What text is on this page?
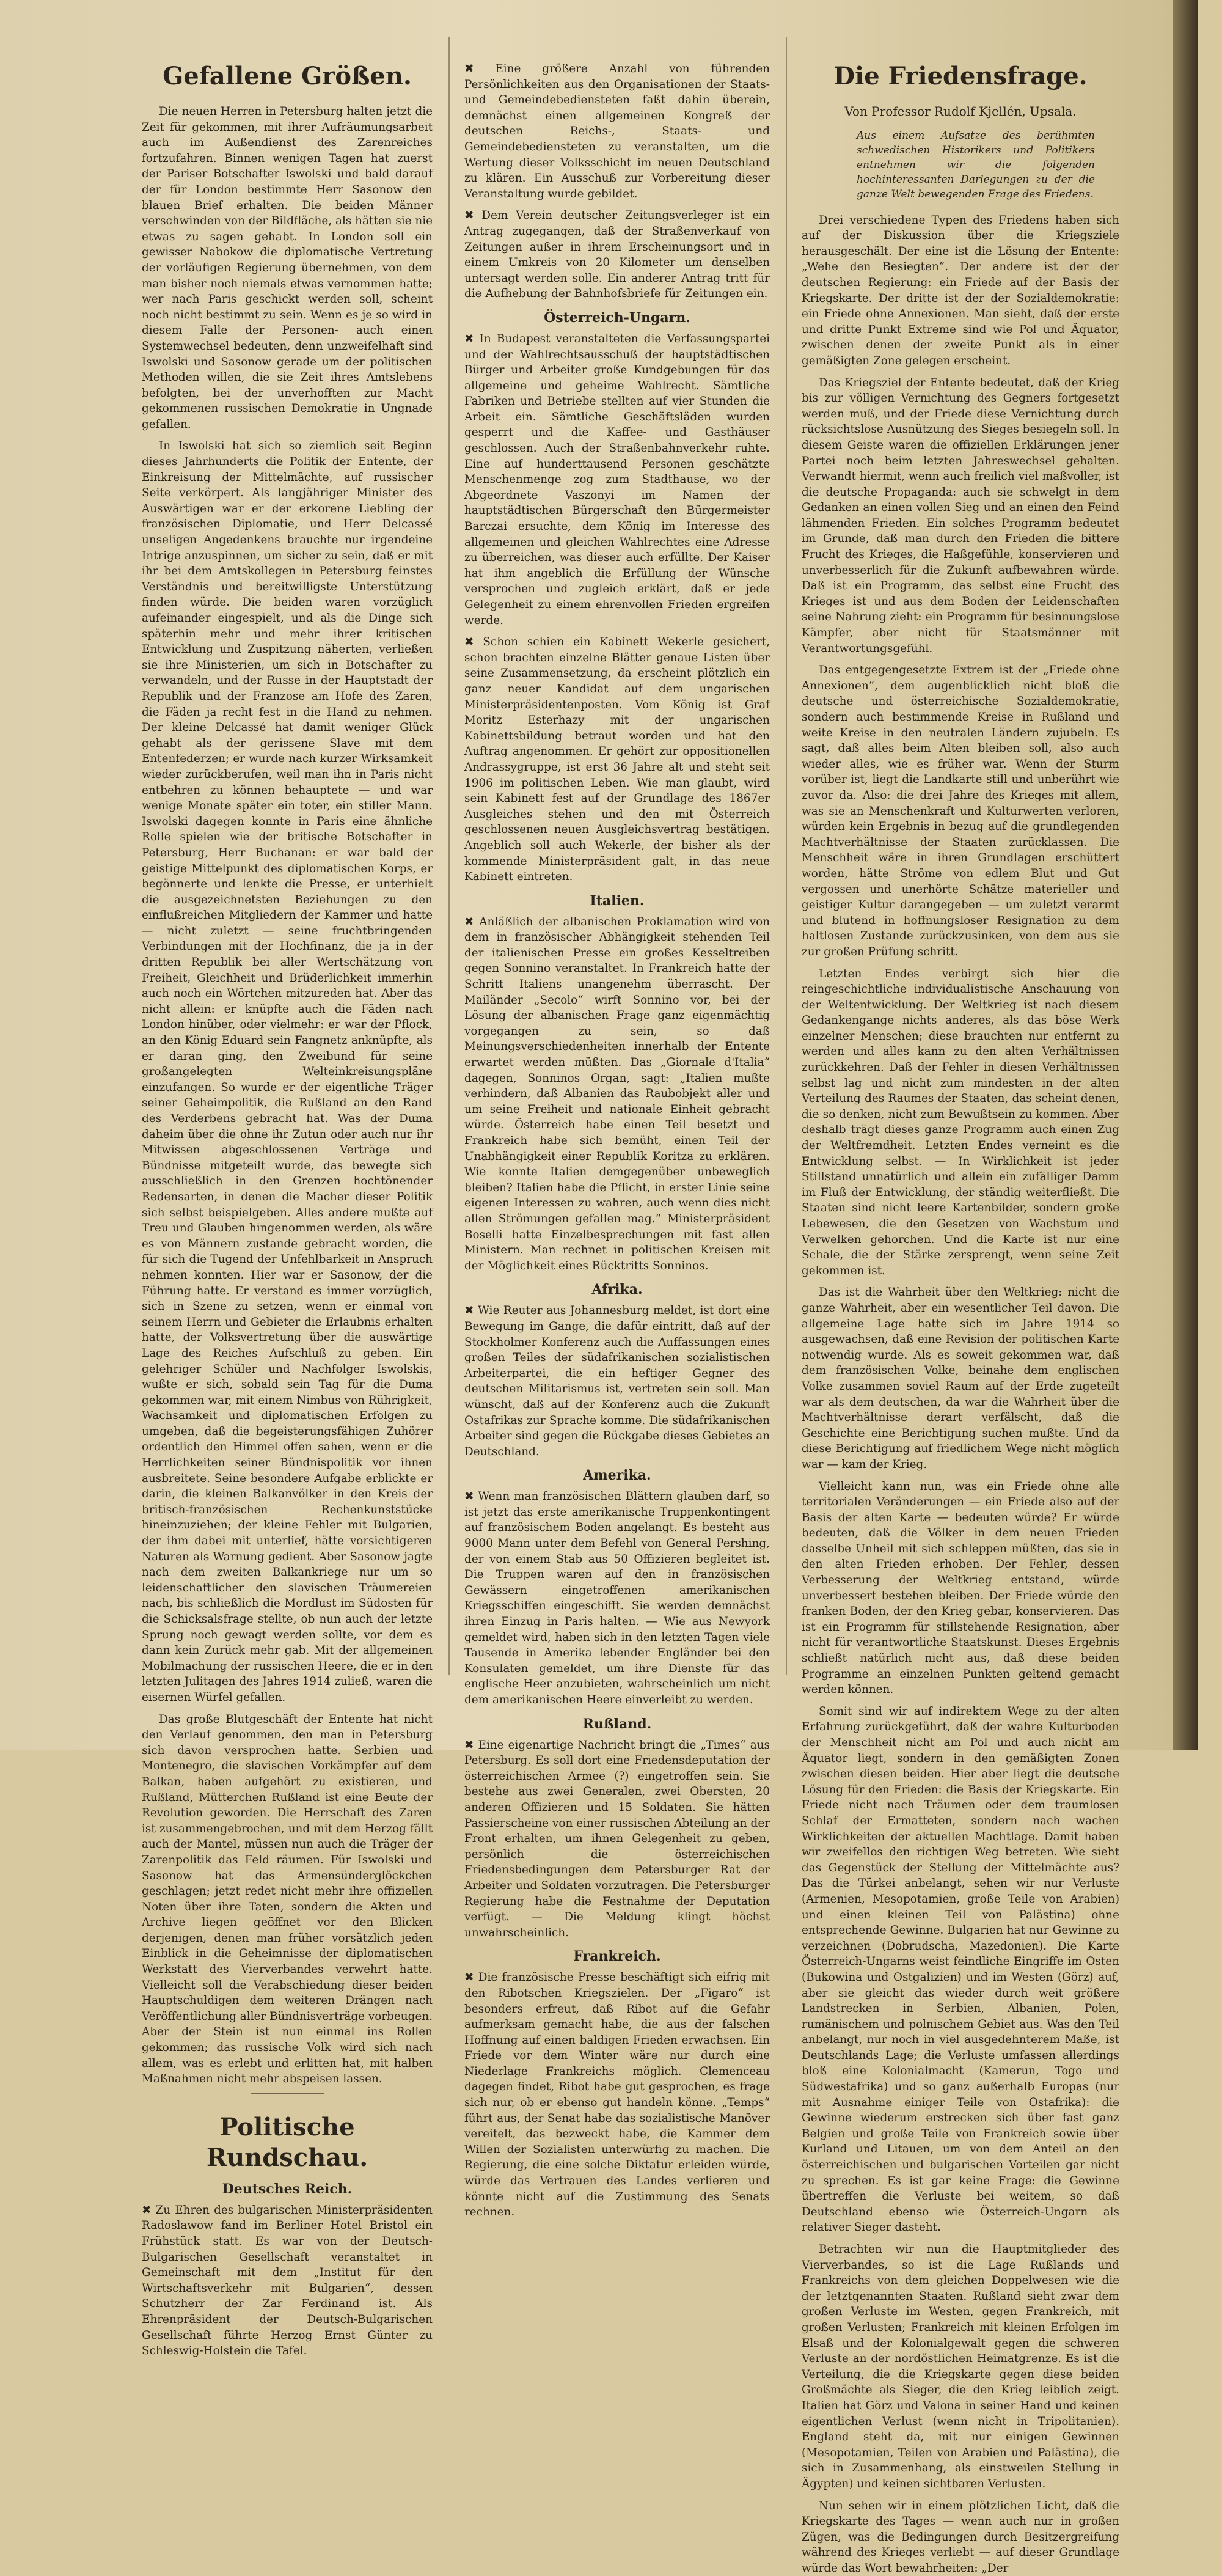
Gefallene Größen.

Die neuen Herren in Petersburg halten jetzt die Zeit für gekommen, mit ihrer Aufräumungsarbeit auch im Außendienst des Zarenreiches fortzufahren. Binnen wenigen Tagen hat zuerst der Pariser Botschafter Iswolski und bald darauf der für London bestimmte Herr Sasonow den blauen Brief erhalten. Die beiden Männer verschwinden von der Bildfläche, als hätten sie nie etwas zu sagen gehabt. In London soll ein gewisser Nabokow die diplomatische Vertretung der vorläufigen Regierung übernehmen, von dem man bisher noch niemals etwas vernommen hatte; wer nach Paris geschickt werden soll, scheint noch nicht bestimmt zu sein. Wenn es je so wird in diesem Falle der Personen- auch einen Systemwechsel bedeuten, denn unzweifelhaft sind Iswolski und Sasonow gerade um der politischen Methoden willen, die sie Zeit ihres Amtslebens befolgten, bei der unverhofften zur Macht gekommenen russischen Demokratie in Ungnade gefallen.

In Iswolski hat sich so ziemlich seit Beginn dieses Jahrhunderts die Politik der Entente, der Einkreisung der Mittelmächte, auf russischer Seite verkörpert. Als langjähriger Minister des Auswärtigen war er der erkorene Liebling der französischen Diplomatie, und Herr Delcassé unseligen Angedenkens brauchte nur irgendeine Intrige anzuspinnen, um sicher zu sein, daß er mit ihr bei dem Amtskollegen in Petersburg feinstes Verständnis und bereitwilligste Unterstützung finden würde. Die beiden waren vorzüglich aufeinander eingespielt, und als die Dinge sich späterhin mehr und mehr ihrer kritischen Entwicklung und Zuspitzung näherten, verließen sie ihre Ministerien, um sich in Botschafter zu verwandeln, und der Russe in der Hauptstadt der Republik und der Franzose am Hofe des Zaren, die Fäden ja recht fest in die Hand zu nehmen. Der kleine Delcassé hat damit weniger Glück gehabt als der gerissene Slave mit dem Entenfederzen; er wurde nach kurzer Wirksamkeit wieder zurückberufen, weil man ihn in Paris nicht entbehren zu können behauptete — und war wenige Monate später ein toter, ein stiller Mann. Iswolski dagegen konnte in Paris eine ähnliche Rolle spielen wie der britische Botschafter in Petersburg, Herr Buchanan: er war bald der geistige Mittelpunkt des diplomatischen Korps, er begönnerte und lenkte die Presse, er unterhielt die ausgezeichnetsten Beziehungen zu den einflußreichen Mitgliedern der Kammer und hatte — nicht zuletzt — seine fruchtbringenden Verbindungen mit der Hochfinanz, die ja in der dritten Republik bei aller Wertschätzung von Freiheit, Gleichheit und Brüderlichkeit immerhin auch noch ein Wörtchen mitzureden hat. Aber das nicht allein: er knüpfte auch die Fäden nach London hinüber, oder vielmehr: er war der Pflock, an den König Eduard sein Fangnetz anknüpfte, als er daran ging, den Zweibund für seine großangelegten Welteinkreisungspläne einzufangen. So wurde er der eigentliche Träger seiner Geheimpolitik, die Rußland an den Rand des Verderbens gebracht hat. Was der Duma daheim über die ohne ihr Zutun oder auch nur ihr Mitwissen abgeschlossenen Verträge und Bündnisse mitgeteilt wurde, das bewegte sich ausschließlich in den Grenzen hochtönender Redensarten, in denen die Macher dieser Politik sich selbst beispielgeben. Alles andere mußte auf Treu und Glauben hingenommen werden, als wäre es von Männern zustande gebracht worden, die für sich die Tugend der Unfehlbarkeit in Anspruch nehmen konnten. Hier war er Sasonow, der die Führung hatte. Er verstand es immer vorzüglich, sich in Szene zu setzen, wenn er einmal von seinem Herrn und Gebieter die Erlaubnis erhalten hatte, der Volksvertretung über die auswärtige Lage des Reiches Aufschluß zu geben. Ein gelehriger Schüler und Nachfolger Iswolskis, wußte er sich, sobald sein Tag für die Duma gekommen war, mit einem Nimbus von Rührigkeit, Wachsamkeit und diplomatischen Erfolgen zu umgeben, daß die begeisterungsfähigen Zuhörer ordentlich den Himmel offen sahen, wenn er die Herrlichkeiten seiner Bündnispolitik vor ihnen ausbreitete. Seine besondere Aufgabe erblickte er darin, die kleinen Balkanvölker in den Kreis der britisch-französischen Rechenkunststücke hineinzuziehen; der kleine Fehler mit Bulgarien, der ihm dabei mit unterlief, hätte vorsichtigeren Naturen als Warnung gedient. Aber Sasonow jagte nach dem zweiten Balkankriege nur um so leidenschaftlicher den slavischen Träumereien nach, bis schließlich die Mordlust im Südosten für die Schicksalsfrage stellte, ob nun auch der letzte Sprung noch gewagt werden sollte, vor dem es dann kein Zurück mehr gab. Mit der allgemeinen Mobilmachung der russischen Heere, die er in den letzten Julitagen des Jahres 1914 zuließ, waren die eisernen Würfel gefallen.

Das große Blutgeschäft der Entente hat nicht den Verlauf genommen, den man in Petersburg sich davon versprochen hatte. Serbien und Montenegro, die slavischen Vorkämpfer auf dem Balkan, haben aufgehört zu existieren, und Rußland, Mütterchen Rußland ist eine Beute der Revolution geworden. Die Herrschaft des Zaren ist zusammengebrochen, und mit dem Herzog fällt auch der Mantel, müssen nun auch die Träger der Zarenpolitik das Feld räumen. Für Iswolski und Sasonow hat das Armensünderglöckchen geschlagen; jetzt redet nicht mehr ihre offiziellen Noten über ihre Taten, sondern die Akten und Archive liegen geöffnet vor den Blicken derjenigen, denen man früher vorsätzlich jeden Einblick in die Geheimnisse der diplomatischen Werkstatt des Vierverbandes verwehrt hatte. Vielleicht soll die Verabschiedung dieser beiden Hauptschuldigen dem weiteren Drängen nach Veröffentlichung aller Bündnisverträge vorbeugen. Aber der Stein ist nun einmal ins Rollen gekommen; das russische Volk wird sich nach allem, was es erlebt und erlitten hat, mit halben Maßnahmen nicht mehr abspeisen lassen.

Politische Rundschau.
Deutsches Reich.

✖ Zu Ehren des bulgarischen Ministerpräsidenten Radoslawow fand im Berliner Hotel Bristol ein Frühstück statt. Es war von der Deutsch-Bulgarischen Gesellschaft veranstaltet in Gemeinschaft mit dem „Institut für den Wirtschaftsverkehr mit Bulgarien“, dessen Schutzherr der Zar Ferdinand ist. Als Ehrenpräsident der Deutsch-Bulgarischen Gesellschaft führte Herzog Ernst Günter zu Schleswig-Holstein die Tafel.

✖ Eine größere Anzahl von führenden Persönlichkeiten aus den Organisationen der Staats- und Gemeindebediensteten faßt dahin überein, demnächst einen allgemeinen Kongreß der deutschen Reichs-, Staats- und Gemeindebediensteten zu veranstalten, um die Wertung dieser Volksschicht im neuen Deutschland zu klären. Ein Ausschuß zur Vorbereitung dieser Veranstaltung wurde gebildet.

✖ Dem Verein deutscher Zeitungsverleger ist ein Antrag zugegangen, daß der Straßenverkauf von Zeitungen außer in ihrem Erscheinungsort und in einem Umkreis von 20 Kilometer um denselben untersagt werden solle. Ein anderer Antrag tritt für die Aufhebung der Bahnhofsbriefe für Zeitungen ein.

Österreich-Ungarn.

✖ In Budapest veranstalteten die Verfassungspartei und der Wahlrechtsausschuß der hauptstädtischen Bürger und Arbeiter große Kundgebungen für das allgemeine und geheime Wahlrecht. Sämtliche Fabriken und Betriebe stellten auf vier Stunden die Arbeit ein. Sämtliche Geschäftsläden wurden gesperrt und die Kaffee- und Gasthäuser geschlossen. Auch der Straßenbahnverkehr ruhte. Eine auf hunderttausend Personen geschätzte Menschenmenge zog zum Stadthause, wo der Abgeordnete Vaszonyi im Namen der hauptstädtischen Bürgerschaft den Bürgermeister Barczai ersuchte, dem König im Interesse des allgemeinen und gleichen Wahlrechtes eine Adresse zu überreichen, was dieser auch erfüllte. Der Kaiser hat ihm angeblich die Erfüllung der Wünsche versprochen und zugleich erklärt, daß er jede Gelegenheit zu einem ehrenvollen Frieden ergreifen werde.

✖ Schon schien ein Kabinett Wekerle gesichert, schon brachten einzelne Blätter genaue Listen über seine Zusammensetzung, da erscheint plötzlich ein ganz neuer Kandidat auf dem ungarischen Ministerpräsidentenposten. Vom König ist Graf Moritz Esterhazy mit der ungarischen Kabinettsbildung betraut worden und hat den Auftrag angenommen. Er gehört zur oppositionellen Andrassygruppe, ist erst 36 Jahre alt und steht seit 1906 im politischen Leben. Wie man glaubt, wird sein Kabinett fest auf der Grundlage des 1867er Ausgleiches stehen und den mit Österreich geschlossenen neuen Ausgleichsvertrag bestätigen. Angeblich soll auch Wekerle, der bisher als der kommende Ministerpräsident galt, in das neue Kabinett eintreten.

Italien.

✖ Anläßlich der albanischen Proklamation wird von dem in französischer Abhängigkeit stehenden Teil der italienischen Presse ein großes Kesseltreiben gegen Sonnino veranstaltet. In Frankreich hatte der Schritt Italiens unangenehm überrascht. Der Mailänder „Secolo“ wirft Sonnino vor, bei der Lösung der albanischen Frage ganz eigenmächtig vorgegangen zu sein, so daß Meinungsverschiedenheiten innerhalb der Entente erwartet werden müßten. Das „Giornale d'Italia“ dagegen, Sonninos Organ, sagt: „Italien mußte verhindern, daß Albanien das Raubobjekt aller und um seine Freiheit und nationale Einheit gebracht würde. Österreich habe einen Teil besetzt und Frankreich habe sich bemüht, einen Teil der Unabhängigkeit einer Republik Koritza zu erklären. Wie konnte Italien demgegenüber unbeweglich bleiben? Italien habe die Pflicht, in erster Linie seine eigenen Interessen zu wahren, auch wenn dies nicht allen Strömungen gefallen mag.“ Ministerpräsident Boselli hatte Einzelbesprechungen mit fast allen Ministern. Man rechnet in politischen Kreisen mit der Möglichkeit eines Rücktritts Sonninos.

Afrika.

✖ Wie Reuter aus Johannesburg meldet, ist dort eine Bewegung im Gange, die dafür eintritt, daß auf der Stockholmer Konferenz auch die Auffassungen eines großen Teiles der südafrikanischen sozialistischen Arbeiterpartei, die ein heftiger Gegner des deutschen Militarismus ist, vertreten sein soll. Man wünscht, daß auf der Konferenz auch die Zukunft Ostafrikas zur Sprache komme. Die südafrikanischen Arbeiter sind gegen die Rückgabe dieses Gebietes an Deutschland.

Amerika.

✖ Wenn man französischen Blättern glauben darf, so ist jetzt das erste amerikanische Truppenkontingent auf französischem Boden angelangt. Es besteht aus 9000 Mann unter dem Befehl von General Pershing, der von einem Stab aus 50 Offizieren begleitet ist. Die Truppen waren auf den in französischen Gewässern eingetroffenen amerikanischen Kriegsschiffen eingeschifft. Sie werden demnächst ihren Einzug in Paris halten. — Wie aus Newyork gemeldet wird, haben sich in den letzten Tagen viele Tausende in Amerika lebender Engländer bei den Konsulaten gemeldet, um ihre Dienste für das englische Heer anzubieten, wahrscheinlich um nicht dem amerikanischen Heere einverleibt zu werden.

Rußland.

✖ Eine eigenartige Nachricht bringt die „Times“ aus Petersburg. Es soll dort eine Friedensdeputation der österreichischen Armee (?) eingetroffen sein. Sie bestehe aus zwei Generalen, zwei Obersten, 20 anderen Offizieren und 15 Soldaten. Sie hätten Passierscheine von einer russischen Abteilung an der Front erhalten, um ihnen Gelegenheit zu geben, persönlich die österreichischen Friedensbedingungen dem Petersburger Rat der Arbeiter und Soldaten vorzutragen. Die Petersburger Regierung habe die Festnahme der Deputation verfügt. — Die Meldung klingt höchst unwahrscheinlich.

Frankreich.

✖ Die französische Presse beschäftigt sich eifrig mit den Ribotschen Kriegszielen. Der „Figaro“ ist besonders erfreut, daß Ribot auf die Gefahr aufmerksam gemacht habe, die aus der falschen Hoffnung auf einen baldigen Frieden erwachsen. Ein Friede vor dem Winter wäre nur durch eine Niederlage Frankreichs möglich. Clemenceau dagegen findet, Ribot habe gut gesprochen, es frage sich nur, ob er ebenso gut handeln könne. „Temps“ führt aus, der Senat habe das sozialistische Manöver vereitelt, das bezweckt habe, die Kammer dem Willen der Sozialisten unterwürfig zu machen. Die Regierung, die eine solche Diktatur erleiden würde, würde das Vertrauen des Landes verlieren und könnte nicht auf die Zustimmung des Senats rechnen.

Die Friedensfrage.
Von Professor Rudolf Kjellén, Upsala.
Aus einem Aufsatze des berühmten schwedischen Historikers und Politikers entnehmen wir die folgenden hochinteressanten Darlegungen zu der die ganze Welt bewegenden Frage des Friedens.

Drei verschiedene Typen des Friedens haben sich auf der Diskussion über die Kriegsziele herausgeschält. Der eine ist die Lösung der Entente: „Wehe den Besiegten“. Der andere ist der der deutschen Regierung: ein Friede auf der Basis der Kriegskarte. Der dritte ist der der Sozialdemokratie: ein Friede ohne Annexionen. Man sieht, daß der erste und dritte Punkt Extreme sind wie Pol und Äquator, zwischen denen der zweite Punkt als in einer gemäßigten Zone gelegen erscheint.

Das Kriegsziel der Entente bedeutet, daß der Krieg bis zur völligen Vernichtung des Gegners fortgesetzt werden muß, und der Friede diese Vernichtung durch rücksichtslose Ausnützung des Sieges besiegeln soll. In diesem Geiste waren die offiziellen Erklärungen jener Partei noch beim letzten Jahreswechsel gehalten. Verwandt hiermit, wenn auch freilich viel maßvoller, ist die deutsche Propaganda: auch sie schwelgt in dem Gedanken an einen vollen Sieg und an einen den Feind lähmenden Frieden. Ein solches Programm bedeutet im Grunde, daß man durch den Frieden die bittere Frucht des Krieges, die Haßgefühle, konservieren und unverbesserlich für die Zukunft aufbewahren würde. Daß ist ein Programm, das selbst eine Frucht des Krieges ist und aus dem Boden der Leidenschaften seine Nahrung zieht: ein Programm für besinnungslose Kämpfer, aber nicht für Staatsmänner mit Verantwortungsgefühl.

Das entgegengesetzte Extrem ist der „Friede ohne Annexionen“, dem augenblicklich nicht bloß die deutsche und österreichische Sozialdemokratie, sondern auch bestimmende Kreise in Rußland und weite Kreise in den neutralen Ländern zujubeln. Es sagt, daß alles beim Alten bleiben soll, also auch wieder alles, wie es früher war. Wenn der Sturm vorüber ist, liegt die Landkarte still und unberührt wie zuvor da. Also: die drei Jahre des Krieges mit allem, was sie an Menschenkraft und Kulturwerten verloren, würden kein Ergebnis in bezug auf die grundlegenden Machtverhältnisse der Staaten zurücklassen. Die Menschheit wäre in ihren Grundlagen erschüttert worden, hätte Ströme von edlem Blut und Gut vergossen und unerhörte Schätze materieller und geistiger Kultur darangegeben — um zuletzt verarmt und blutend in hoffnungsloser Resignation zu dem haltlosen Zustande zurückzusinken, von dem aus sie zur großen Prüfung schritt.

Letzten Endes verbirgt sich hier die reingeschichtliche individualistische Anschauung von der Weltentwicklung. Der Weltkrieg ist nach diesem Gedankengange nichts anderes, als das böse Werk einzelner Menschen; diese brauchten nur entfernt zu werden und alles kann zu den alten Verhältnissen zurückkehren. Daß der Fehler in diesen Verhältnissen selbst lag und nicht zum mindesten in der alten Verteilung des Raumes der Staaten, das scheint denen, die so denken, nicht zum Bewußtsein zu kommen. Aber deshalb trägt dieses ganze Programm auch einen Zug der Weltfremdheit. Letzten Endes verneint es die Entwicklung selbst. — In Wirklichkeit ist jeder Stillstand unnatürlich und allein ein zufälliger Damm im Fluß der Entwicklung, der ständig weiterfließt. Die Staaten sind nicht leere Kartenbilder, sondern große Lebewesen, die den Gesetzen von Wachstum und Verwelken gehorchen. Und die Karte ist nur eine Schale, die der Stärke zersprengt, wenn seine Zeit gekommen ist.

Das ist die Wahrheit über den Weltkrieg: nicht die ganze Wahrheit, aber ein wesentlicher Teil davon. Die allgemeine Lage hatte sich im Jahre 1914 so ausgewachsen, daß eine Revision der politischen Karte notwendig wurde. Als es soweit gekommen war, daß dem französischen Volke, beinahe dem englischen Volke zusammen soviel Raum auf der Erde zugeteilt war als dem deutschen, da war die Wahrheit über die Machtverhältnisse derart verfälscht, daß die Geschichte eine Berichtigung suchen mußte. Und da diese Berichtigung auf friedlichem Wege nicht möglich war — kam der Krieg.

Vielleicht kann nun, was ein Friede ohne alle territorialen Veränderungen — ein Friede also auf der Basis der alten Karte — bedeuten würde? Er würde bedeuten, daß die Völker in dem neuen Frieden dasselbe Unheil mit sich schleppen müßten, das sie in den alten Frieden erhoben. Der Fehler, dessen Verbesserung der Weltkrieg entstand, würde unverbessert bestehen bleiben. Der Friede würde den franken Boden, der den Krieg gebar, konservieren. Das ist ein Programm für stillstehende Resignation, aber nicht für verantwortliche Staatskunst. Dieses Ergebnis schließt natürlich nicht aus, daß diese beiden Programme an einzelnen Punkten geltend gemacht werden können.

Somit sind wir auf indirektem Wege zu der alten Erfahrung zurückgeführt, daß der wahre Kulturboden der Menschheit nicht am Pol und auch nicht am Äquator liegt, sondern in den gemäßigten Zonen zwischen diesen beiden. Hier aber liegt die deutsche Lösung für den Frieden: die Basis der Kriegskarte. Ein Friede nicht nach Träumen oder dem traumlosen Schlaf der Ermatteten, sondern nach wachen Wirklichkeiten der aktuellen Machtlage. Damit haben wir zweifellos den richtigen Weg betreten. Wie sieht das Gegenstück der Stellung der Mittelmächte aus? Das die Türkei anbelangt, sehen wir nur Verluste (Armenien, Mesopotamien, große Teile von Arabien) und einen kleinen Teil von Palästina) ohne entsprechende Gewinne. Bulgarien hat nur Gewinne zu verzeichnen (Dobrudscha, Mazedonien). Die Karte Österreich-Ungarns weist feindliche Eingriffe im Osten (Bukowina und Ostgalizien) und im Westen (Görz) auf, aber sie gleicht das wieder durch weit größere Landstrecken in Serbien, Albanien, Polen, rumänischem und polnischem Gebiet aus. Was den Teil anbelangt, nur noch in viel ausgedehnterem Maße, ist Deutschlands Lage; die Verluste umfassen allerdings bloß eine Kolonialmacht (Kamerun, Togo und Südwestafrika) und so ganz außerhalb Europas (nur mit Ausnahme einiger Teile von Ostafrika): die Gewinne wiederum erstrecken sich über fast ganz Belgien und große Teile von Frankreich sowie über Kurland und Litauen, um von dem Anteil an den österreichischen und bulgarischen Vorteilen gar nicht zu sprechen. Es ist gar keine Frage: die Gewinne übertreffen die Verluste bei weitem, so daß Deutschland ebenso wie Österreich-Ungarn als relativer Sieger dasteht.

Betrachten wir nun die Hauptmitglieder des Vierverbandes, so ist die Lage Rußlands und Frankreichs von dem gleichen Doppelwesen wie die der letztgenannten Staaten. Rußland sieht zwar dem großen Verluste im Westen, gegen Frankreich, mit großen Verlusten; Frankreich mit kleinen Erfolgen im Elsaß und der Kolonialgewalt gegen die schweren Verluste an der nordöstlichen Heimatgrenze. Es ist die Verteilung, die die Kriegskarte gegen diese beiden Großmächte als Sieger, die den Krieg leiblich zeigt. Italien hat Görz und Valona in seiner Hand und keinen eigentlichen Verlust (wenn nicht in Tripolitanien). England steht da, mit nur einigen Gewinnen (Mesopotamien, Teilen von Arabien und Palästina), die sich in Zusammenhang, als einstweilen Stellung in Ägypten) und keinen sichtbaren Verlusten.

Nun sehen wir in einem plötzlichen Licht, daß die Kriegskarte des Tages — wenn auch nur in großen Zügen, was die Bedingungen durch Besitzergreifung während des Krieges verliebt — auf dieser Grundlage würde das Wort bewahrheiten: „Der
